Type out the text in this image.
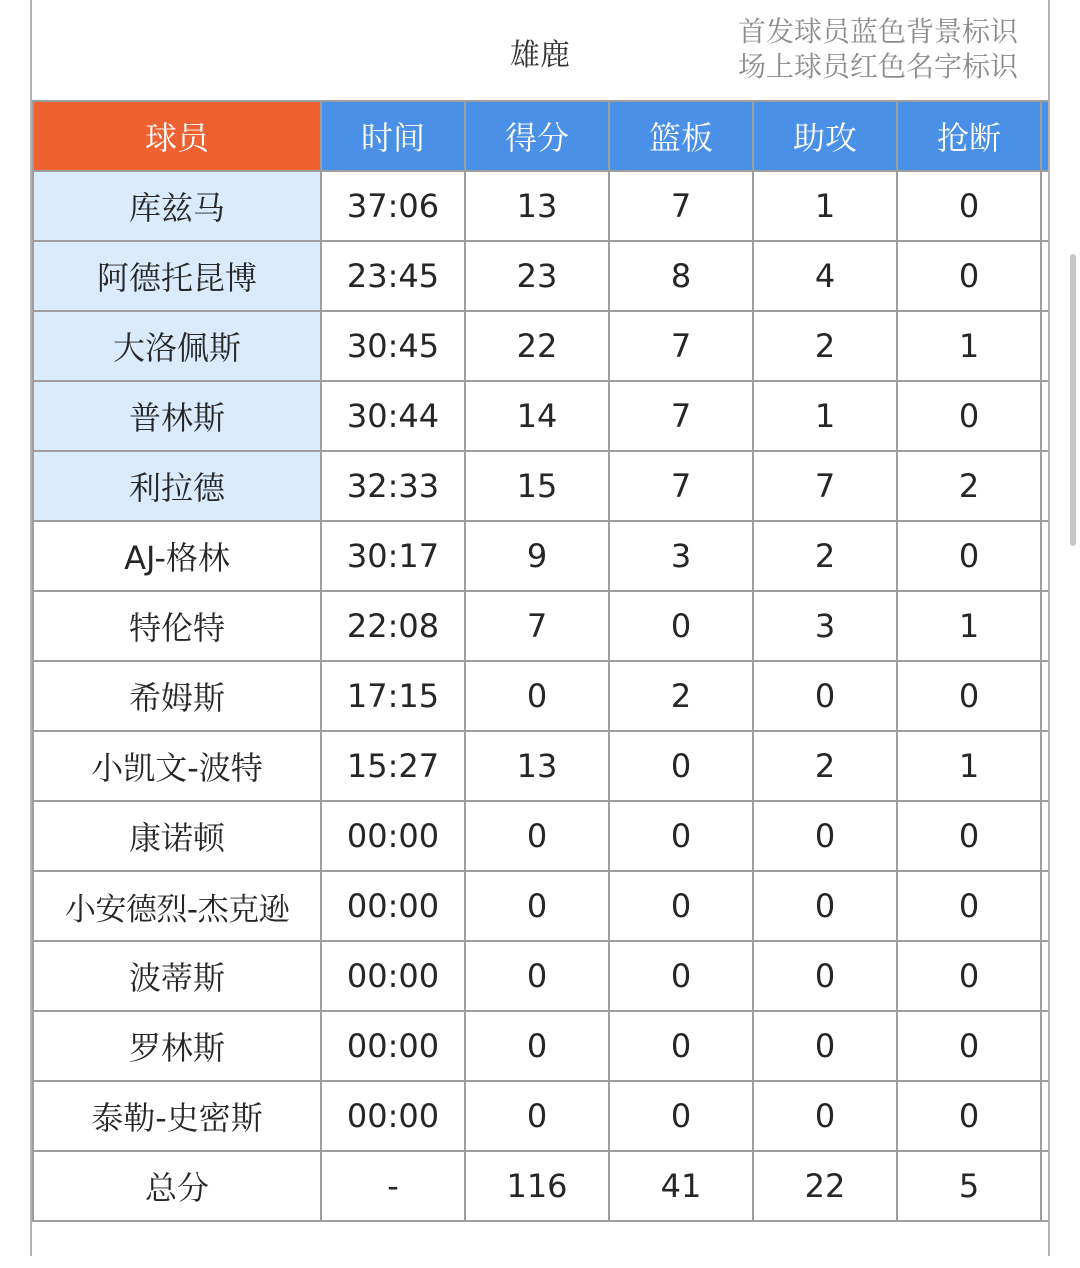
雄鹿
首发球员蓝色背景标识
场上球员红色名字标识
球员	时间	得分	篮板	助攻	抢断	
库兹马	37:06	13	7	1	0	
阿德托昆博	23:45	23	8	4	0	
大洛佩斯	30:45	22	7	2	1	
普林斯	30:44	14	7	1	0	
利拉德	32:33	15	7	7	2	
AJ-格林	30:17	9	3	2	0	
特伦特	22:08	7	0	3	1	
希姆斯	17:15	0	2	0	0	
小凯文-波特	15:27	13	0	2	1	
康诺顿	00:00	0	0	0	0	
小安德烈-杰克逊	00:00	0	0	0	0	
波蒂斯	00:00	0	0	0	0	
罗林斯	00:00	0	0	0	0	
泰勒-史密斯	00:00	0	0	0	0	
总分	-	116	41	22	5	
